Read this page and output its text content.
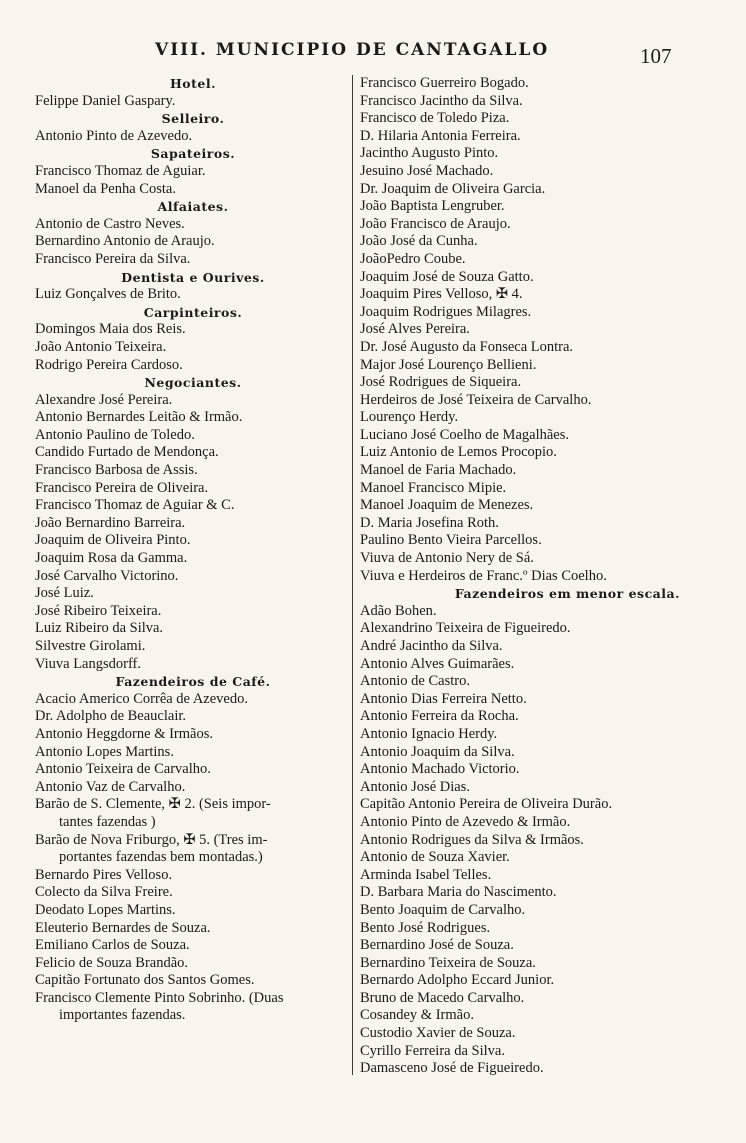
VIII. MUNICIPIO DE CANTAGALLO	107
Hotel.
Felippe Daniel Gaspary.
Selleiro.
Antonio Pinto de Azevedo.
Sapateiros.
Francisco Thomaz de Aguiar.
Manoel da Penha Costa.
Alfaiates.
Antonio de Castro Neves.
Bernardino Antonio de Araujo.
Francisco Pereira da Silva.
Dentista e Ourives.
Luiz Gonçalves de Brito.
Carpinteiros.
Domingos Maia dos Reis.
João Antonio Teixeira.
Rodrigo Pereira Cardoso.
Negociantes.
Alexandre José Pereira.
Antonio Bernardes Leitão & Irmão.
Antonio Paulino de Toledo.
Candido Furtado de Mendonça.
Francisco Barbosa de Assis.
Francisco Pereira de Oliveira.
Francisco Thomaz de Aguiar & C.
João Bernardino Barreira.
Joaquim de Oliveira Pinto.
Joaquim Rosa da Gamma.
José Carvalho Victorino.
José Luiz.
José Ribeiro Teixeira.
Luiz Ribeiro da Silva.
Silvestre Girolami.
Viuva Langsdorff.
Fazendeiros de Café.
Acacio Americo Corrêa de Azevedo.
Dr. Adolpho de Beauclair.
Antonio Heggdorne & Irmãos.
Antonio Lopes Martins.
Antonio Teixeira de Carvalho.
Antonio Vaz de Carvalho.
Barão de S. Clemente, ✠ 2. (Seis impor-
tantes fazendas )
Barão de Nova Friburgo, ✠ 5. (Tres im-
portantes fazendas bem montadas.)
Bernardo Pires Velloso.
Colecto da Silva Freire.
Deodato Lopes Martins.
Eleuterio Bernardes de Souza.
Emiliano Carlos de Souza.
Felicio de Souza Brandão.
Capitão Fortunato dos Santos Gomes.
Francisco Clemente Pinto Sobrinho. (Duas
importantes fazendas.
Francisco Guerreiro Bogado.
Francisco Jacintho da Silva.
Francisco de Toledo Piza.
D. Hilaria Antonia Ferreira.
Jacintho Augusto Pinto.
Jesuino José Machado.
Dr. Joaquim de Oliveira Garcia.
João Baptista Lengruber.
João Francisco de Araujo.
João José da Cunha.
JoãoPedro Coube.
Joaquim José de Souza Gatto.
Joaquim Pires Velloso, ✠ 4.
Joaquim Rodrigues Milagres.
José Alves Pereira.
Dr. José Augusto da Fonseca Lontra.
Major José Lourenço Bellieni.
José Rodrigues de Siqueira.
Herdeiros de José Teixeira de Carvalho.
Lourenço Herdy.
Luciano José Coelho de Magalhães.
Luiz Antonio de Lemos Procopio.
Manoel de Faria Machado.
Manoel Francisco Mipie.
Manoel Joaquim de Menezes.
D. Maria Josefina Roth.
Paulino Bento Vieira Parcellos.
Viuva de Antonio Nery de Sá.
Viuva e Herdeiros de Franc.º Dias Coelho.
Fazendeiros em menor escala.
Adão Bohen.
Alexandrino Teixeira de Figueiredo.
André Jacintho da Silva.
Antonio Alves Guimarães.
Antonio de Castro.
Antonio Dias Ferreira Netto.
Antonio Ferreira da Rocha.
Antonio Ignacio Herdy.
Antonio Joaquim da Silva.
Antonio Machado Victorio.
Antonio José Dias.
Capitão Antonio Pereira de Oliveira Durão.
Antonio Pinto de Azevedo & Irmão.
Antonio Rodrigues da Silva & Irmãos.
Antonio de Souza Xavier.
Arminda Isabel Telles.
D. Barbara Maria do Nascimento.
Bento Joaquim de Carvalho.
Bento José Rodrigues.
Bernardino José de Souza.
Bernardino Teixeira de Souza.
Bernardo Adolpho Eccard Junior.
Bruno de Macedo Carvalho.
Cosandey & Irmão.
Custodio Xavier de Souza.
Cyrillo Ferreira da Silva.
Damasceno José de Figueiredo.
